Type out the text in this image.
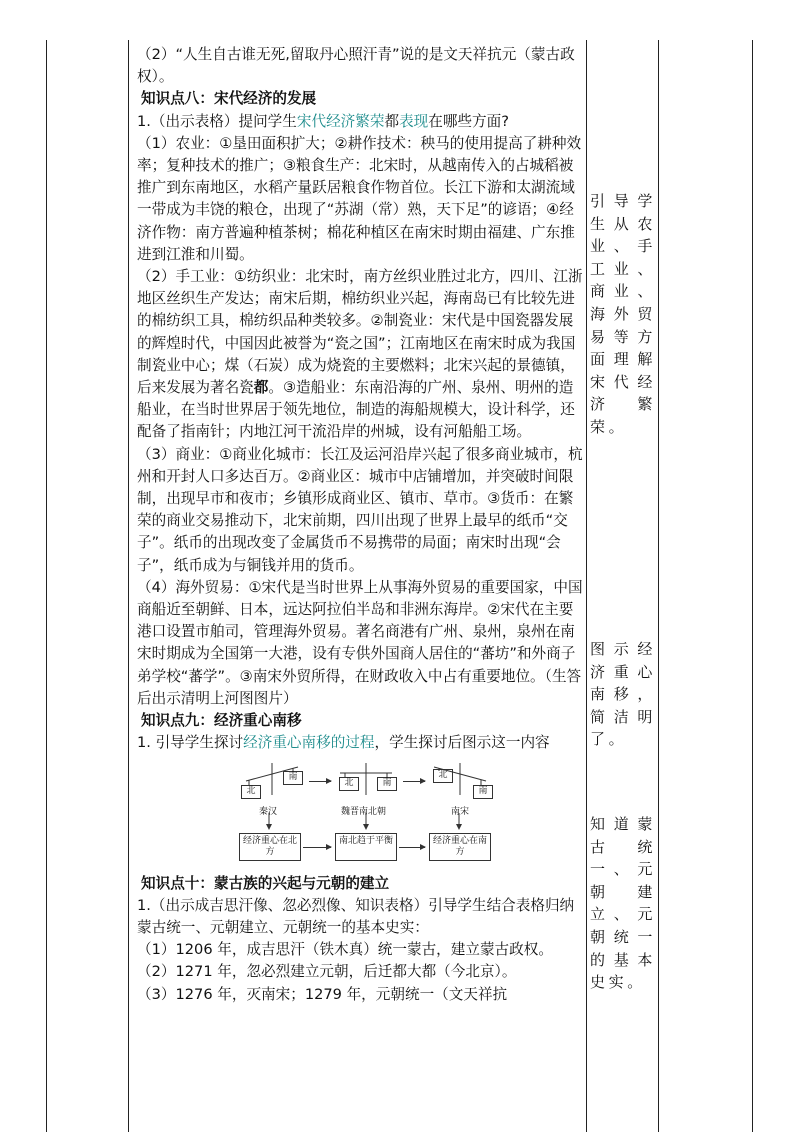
（2）“人生自古谁无死,留取丹心照汗青”说的是文天祥抗元（蒙古政权）。

知识点八：宋代经济的发展

1.（出示表格）提问学生宋代经济繁荣都表现在哪些方面?

（1）农业：①垦田面积扩大；②耕作技术：秧马的使用提高了耕种效率；复种技术的推广；③粮食生产：北宋时，从越南传入的占城稻被推广到东南地区，水稻产量跃居粮食作物首位。长江下游和太湖流域一带成为丰饶的粮仓，出现了“苏湖（常）熟，天下足”的谚语；④经济作物：南方普遍种植茶树；棉花种植区在南宋时期由福建、广东推进到江淮和川蜀。

（2）手工业：①纺织业：北宋时，南方丝织业胜过北方，四川、江浙地区丝织生产发达；南宋后期，棉纺织业兴起，海南岛已有比较先进的棉纺织工具，棉纺织品种类较多。②制瓷业：宋代是中国瓷器发展的辉煌时代，中国因此被誉为“瓷之国”；江南地区在南宋时成为我国制瓷业中心；煤（石炭）成为烧瓷的主要燃料；北宋兴起的景德镇，后来发展为著名瓷都。③造船业：东南沿海的广州、泉州、明州的造船业，在当时世界居于领先地位，制造的海船规模大，设计科学，还配备了指南针；内地江河干流沿岸的州城，设有河船船工场。

（3）商业：①商业化城市：长江及运河沿岸兴起了很多商业城市，杭州和开封人口多达百万。②商业区：城市中店铺增加，并突破时间限制，出现早市和夜市；乡镇形成商业区、镇市、草市。③货币：在繁荣的商业交易推动下，北宋前期，四川出现了世界上最早的纸币“交子”。纸币的出现改变了金属货币不易携带的局面；南宋时出现“会子”，纸币成为与铜钱并用的货币。

（4）海外贸易：①宋代是当时世界上从事海外贸易的重要国家，中国商船近至朝鲜、日本，远达阿拉伯半岛和非洲东海岸。②宋代在主要港口设置市舶司，管理海外贸易。著名商港有广州、泉州，泉州在南宋时期成为全国第一大港，设有专供外国商人居住的“蕃坊”和外商子弟学校“蕃学”。③南宋外贸所得，在财政收入中占有重要地位。（生答后出示清明上河图图片）

知识点九：经济重心南移

1. 引导学生探讨经济重心南移的过程，学生探讨后图示这一内容

北
南
秦汉
北	南
魏晋南北朝
北
南
南宋
经济重心在北方
南北趋于平衡	经济重心在南方

知识点十：蒙古族的兴起与元朝的建立

1.（出示成吉思汗像、忽必烈像、知识表格）引导学生结合表格归纳蒙古统一、元朝建立、元朝统一的基本史实：

（1）1206 年，成吉思汗（铁木真）统一蒙古，建立蒙古政权。

（2）1271 年，忽必烈建立元朝，后迁都大都（今北京）。

（3）1276 年，灭南宋；1279 年，元朝统一（文天祥抗

引导学生从农业、手工业、商业、海外贸易等方面理解宋代经济繁荣。
图示经济重心南移，简洁明了。
知道蒙古统一、元朝建立、元朝统一的基本史实。
